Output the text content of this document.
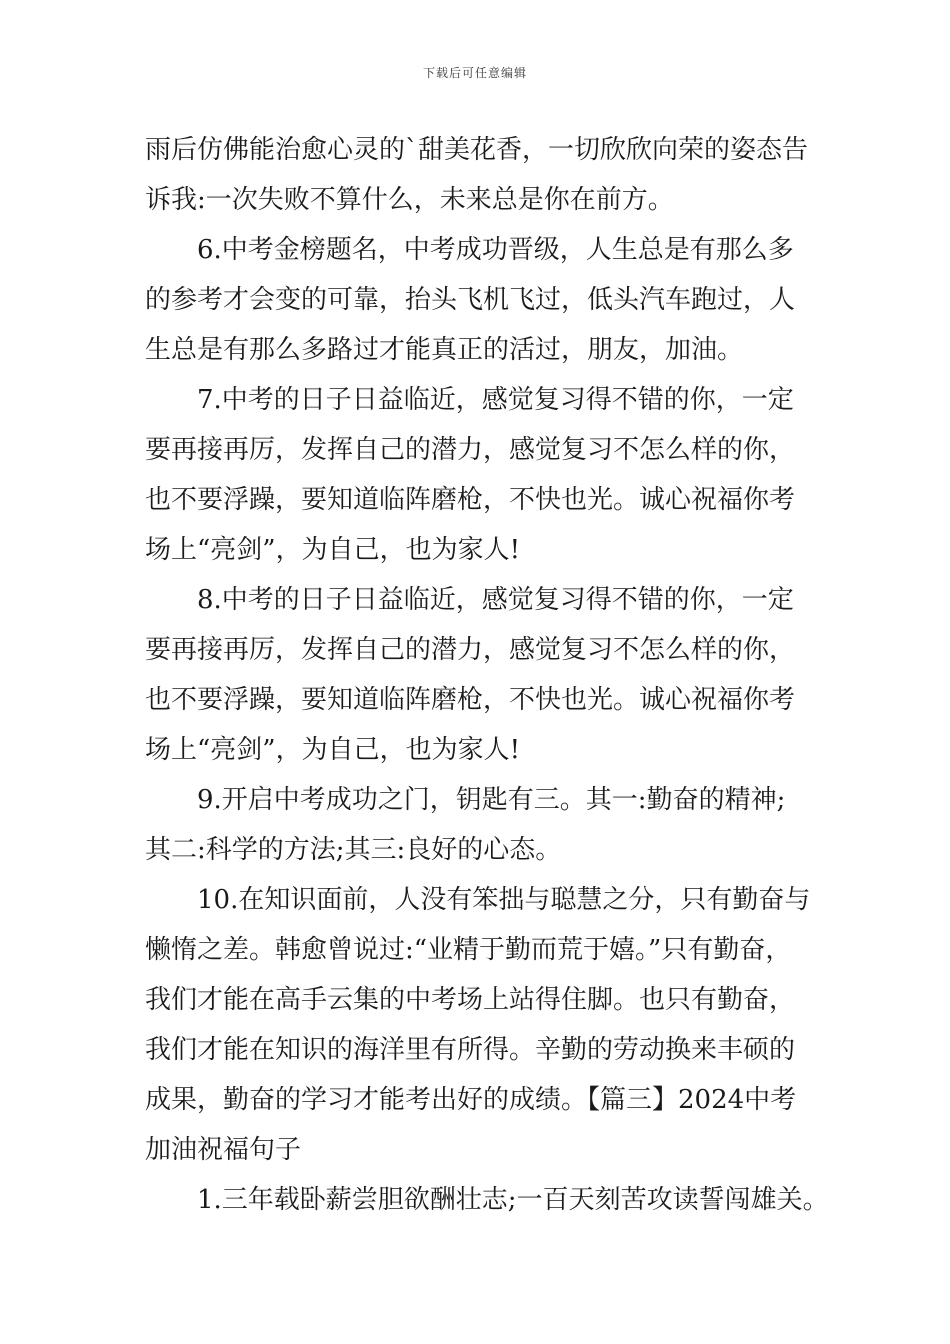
下载后可任意编辑
雨后仿佛能治愈心灵的`甜美花香，一切欣欣向荣的姿态告
诉我:一次失败不算什么，未来总是你在前方。
6.中考金榜题名，中考成功晋级，人生总是有那么多
的参考才会变的可靠，抬头飞机飞过，低头汽车跑过，人
生总是有那么多路过才能真正的活过，朋友，加油。
7.中考的日子日益临近，感觉复习得不错的你，一定
要再接再厉，发挥自己的潜力，感觉复习不怎么样的你，
也不要浮躁，要知道临阵磨枪，不快也光。诚心祝福你考
场上“亮剑”，为自己，也为家人!
8.中考的日子日益临近，感觉复习得不错的你，一定
要再接再厉，发挥自己的潜力，感觉复习不怎么样的你，
也不要浮躁，要知道临阵磨枪，不快也光。诚心祝福你考
场上“亮剑”，为自己，也为家人!
9.开启中考成功之门，钥匙有三。其一:勤奋的精神;
其二:科学的方法;其三:良好的心态。
10.在知识面前，人没有笨拙与聪慧之分，只有勤奋与
懒惰之差。韩愈曾说过:“业精于勤而荒于嬉。”只有勤奋，
我们才能在高手云集的中考场上站得住脚。也只有勤奋，
我们才能在知识的海洋里有所得。辛勤的劳动换来丰硕的
成果，勤奋的学习才能考出好的成绩。【篇三】2024中考
加油祝福句子
1.三年载卧薪尝胆欲酬壮志;一百天刻苦攻读誓闯雄关。
